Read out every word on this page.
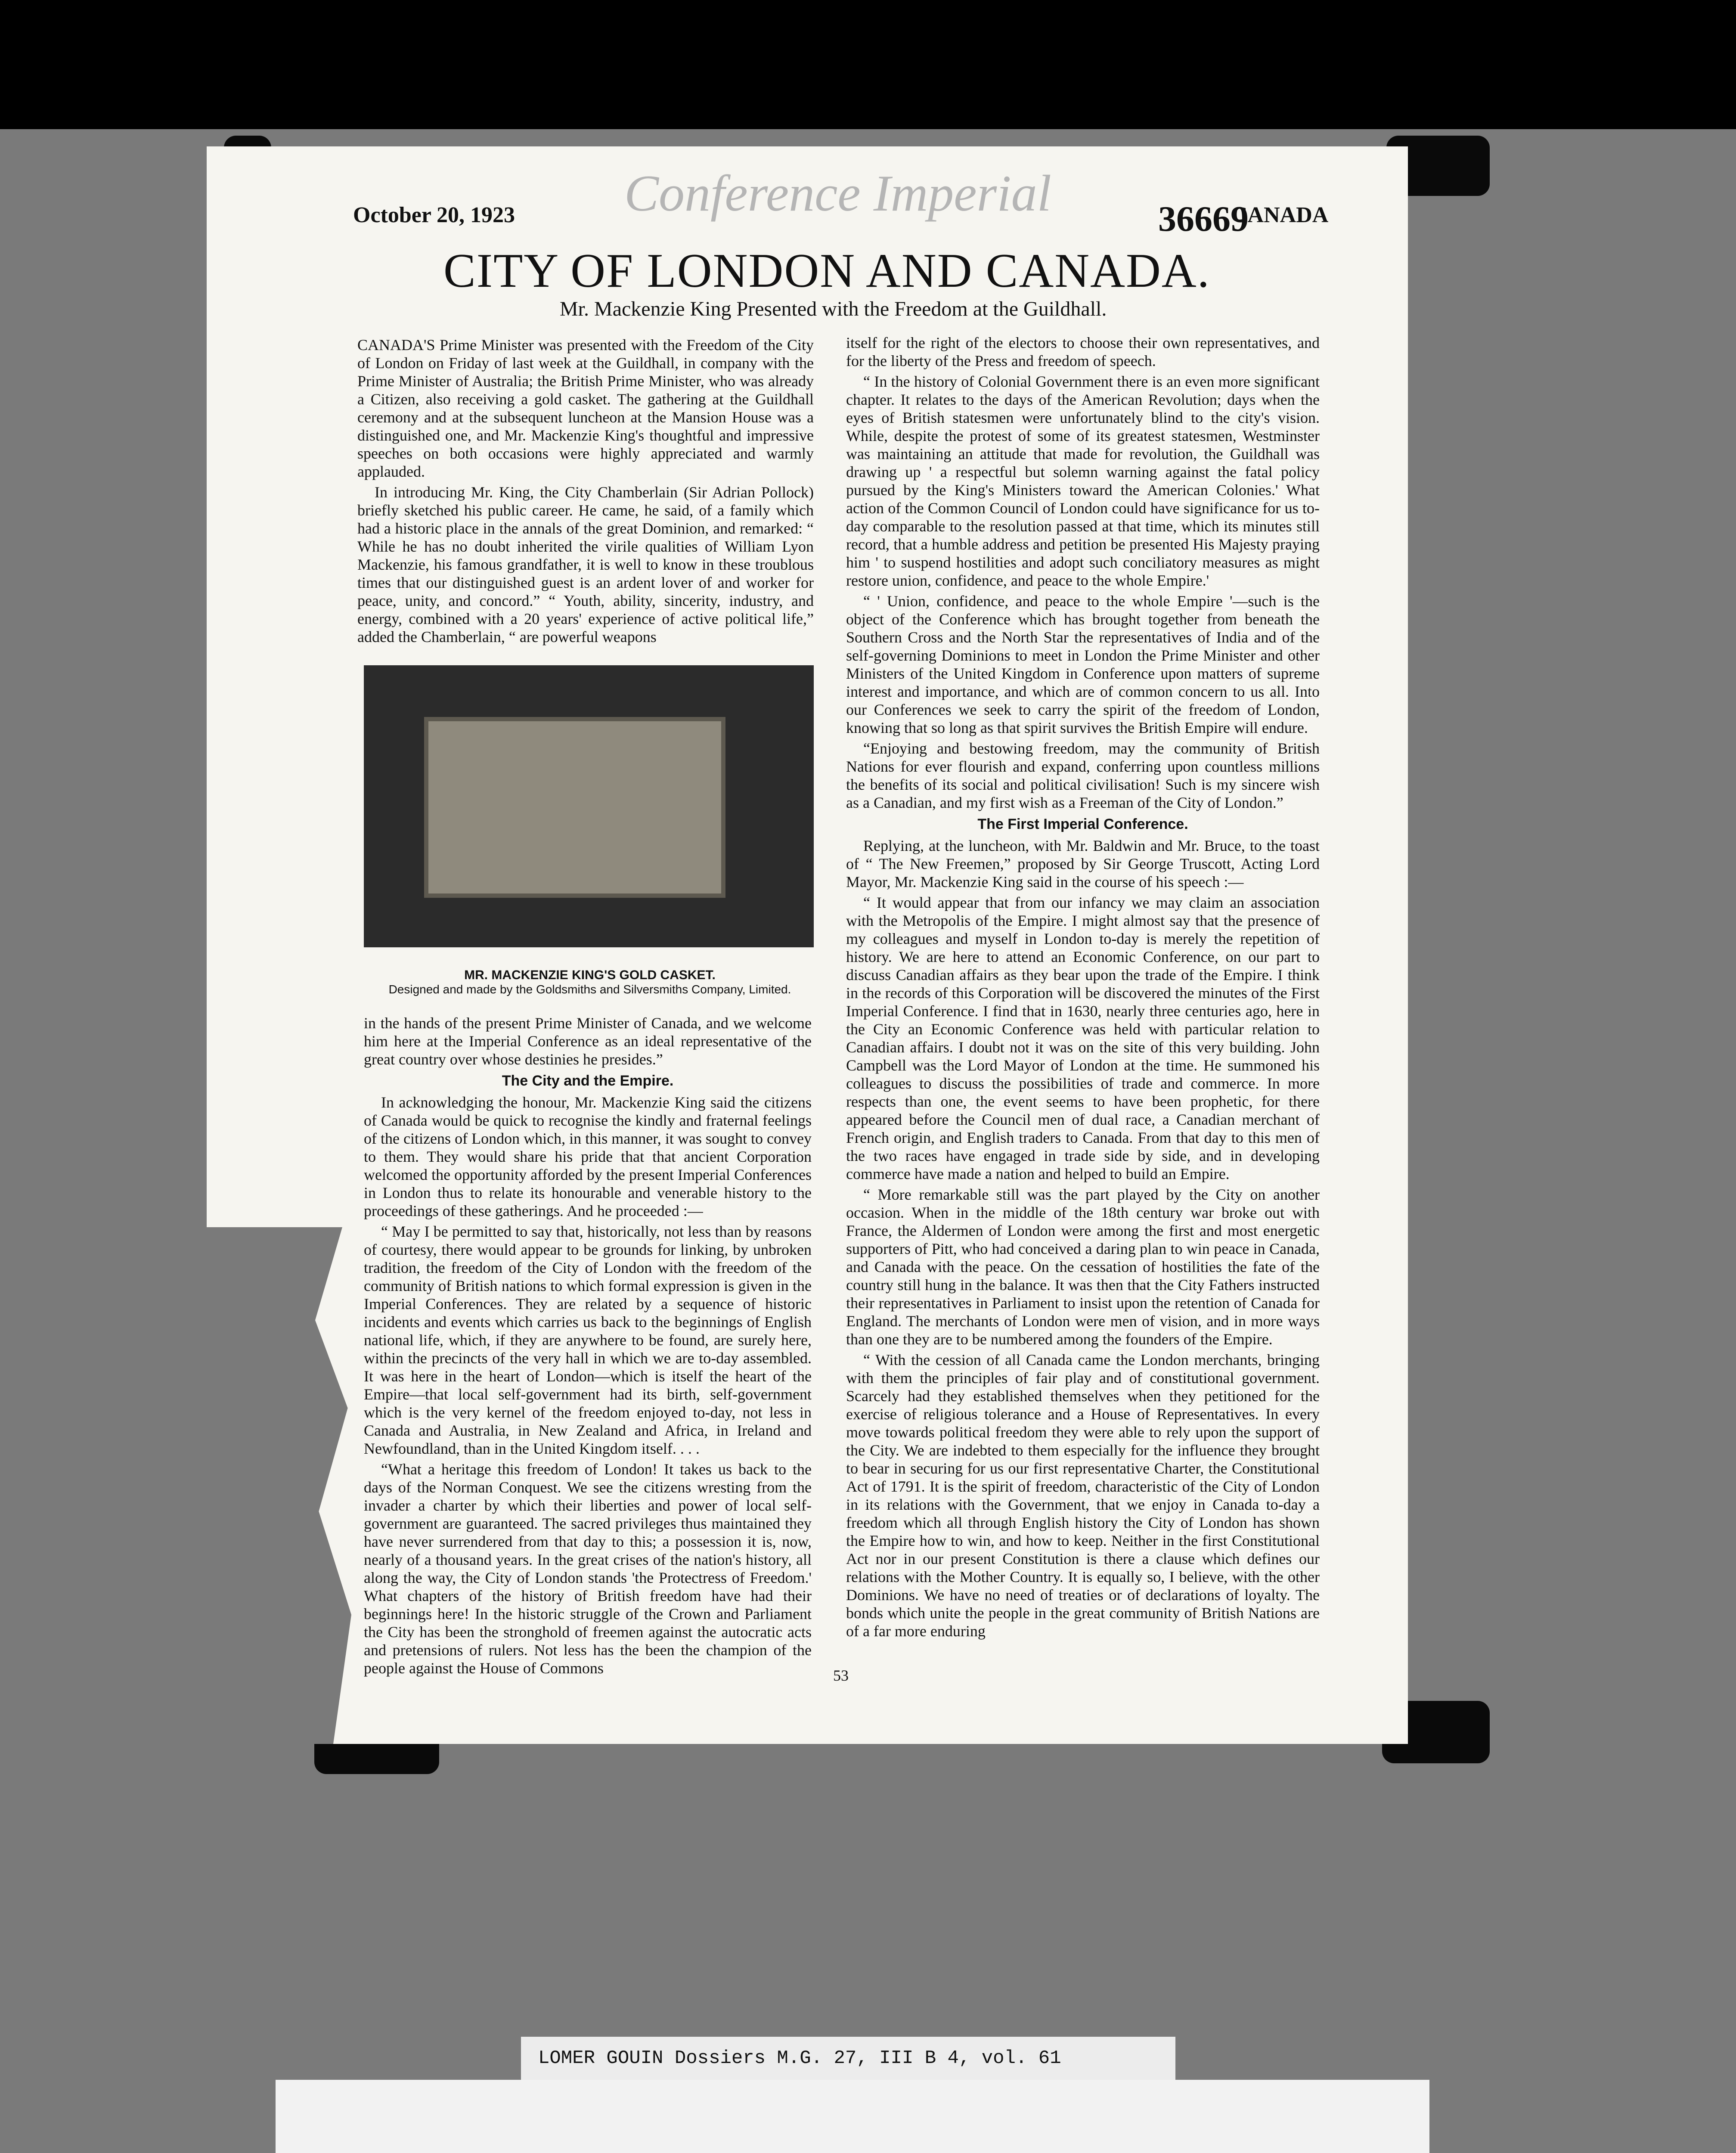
October 20, 1923 Conference Imperial	CANADA
36669
CITY OF LONDON AND CANADA.
Mr. Mackenzie King Presented with the Freedom at the Guildhall.

CANADA'S Prime Minister was presented with the Freedom of the City of London on Friday of last week at the Guildhall, in company with the Prime Minister of Australia; the British Prime Minister, who was already a Citizen, also receiving a gold casket. The gathering at the Guildhall ceremony and at the subsequent luncheon at the Mansion House was a distinguished one, and Mr. Mackenzie King's thoughtful and impressive speeches on both occasions were highly appreciated and warmly applauded.

In introducing Mr. King, the City Chamberlain (Sir Adrian Pollock) briefly sketched his public career. He came, he said, of a family which had a historic place in the annals of the great Dominion, and remarked: “ While he has no doubt inherited the virile qualities of William Lyon Mackenzie, his famous grandfather, it is well to know in these troublous times that our distinguished guest is an ardent lover of and worker for peace, unity, and concord.” “ Youth, ability, sincerity, industry, and energy, combined with a 20 years' experience of active political life,” added the Chamberlain, “ are powerful weapons

MR. MACKENZIE KING'S GOLD CASKET.
Designed and made by the Goldsmiths and Silversmiths Company, Limited.

in the hands of the present Prime Minister of Canada, and we welcome him here at the Imperial Conference as an ideal representative of the great country over whose destinies he presides.”

The City and the Empire.

In acknowledging the honour, Mr. Mackenzie King said the citizens of Canada would be quick to recognise the kindly and fraternal feelings of the citizens of London which, in this manner, it was sought to convey to them. They would share his pride that that ancient Corporation welcomed the opportunity afforded by the present Imperial Conferences in London thus to relate its honourable and venerable history to the proceedings of these gatherings. And he proceeded :—

“ May I be permitted to say that, historically, not less than by reasons of courtesy, there would appear to be grounds for linking, by unbroken tradition, the freedom of the City of London with the freedom of the community of British nations to which formal expression is given in the Imperial Conferences. They are related by a sequence of historic incidents and events which carries us back to the beginnings of English national life, which, if they are anywhere to be found, are surely here, within the precincts of the very hall in which we are to-day assembled. It was here in the heart of London—which is itself the heart of the Empire—that local self-government had its birth, self-government which is the very kernel of the freedom enjoyed to-day, not less in Canada and Australia, in New Zealand and Africa, in Ireland and Newfoundland, than in the United Kingdom itself. . . .

“What a heritage this freedom of London! It takes us back to the days of the Norman Conquest. We see the citizens wresting from the invader a charter by which their liberties and power of local self-government are guaranteed. The sacred privileges thus maintained they have never surrendered from that day to this; a possession it is, now, nearly of a thousand years. In the great crises of the nation's history, all along the way, the City of London stands 'the Protectress of Freedom.' What chapters of the history of British freedom have had their beginnings here! In the historic struggle of the Crown and Parliament the City has been the stronghold of freemen against the autocratic acts and pretensions of rulers. Not less has the been the champion of the people against the House of Commons

itself for the right of the electors to choose their own representatives, and for the liberty of the Press and freedom of speech.

“ In the history of Colonial Government there is an even more significant chapter. It relates to the days of the American Revolution; days when the eyes of British statesmen were unfortunately blind to the city's vision. While, despite the protest of some of its greatest statesmen, Westminster was maintaining an attitude that made for revolution, the Guildhall was drawing up ' a respectful but solemn warning against the fatal policy pursued by the King's Ministers toward the American Colonies.' What action of the Common Council of London could have significance for us to-day comparable to the resolution passed at that time, which its minutes still record, that a humble address and petition be presented His Majesty praying him ' to suspend hostilities and adopt such conciliatory measures as might restore union, confidence, and peace to the whole Empire.'

“ ' Union, confidence, and peace to the whole Empire '—such is the object of the Conference which has brought together from beneath the Southern Cross and the North Star the representatives of India and of the self-governing Dominions to meet in London the Prime Minister and other Ministers of the United Kingdom in Conference upon matters of supreme interest and importance, and which are of common concern to us all. Into our Conferences we seek to carry the spirit of the freedom of London, knowing that so long as that spirit survives the British Empire will endure.

“Enjoying and bestowing freedom, may the community of British Nations for ever flourish and expand, conferring upon countless millions the benefits of its social and political civilisation! Such is my sincere wish as a Canadian, and my first wish as a Freeman of the City of London.”

The First Imperial Conference.

Replying, at the luncheon, with Mr. Baldwin and Mr. Bruce, to the toast of “ The New Freemen,” proposed by Sir George Truscott, Acting Lord Mayor, Mr. Mackenzie King said in the course of his speech :—

“ It would appear that from our infancy we may claim an association with the Metropolis of the Empire. I might almost say that the presence of my colleagues and myself in London to-day is merely the repetition of history. We are here to attend an Economic Conference, on our part to discuss Canadian affairs as they bear upon the trade of the Empire. I think in the records of this Corporation will be discovered the minutes of the First Imperial Conference. I find that in 1630, nearly three centuries ago, here in the City an Economic Conference was held with particular relation to Canadian affairs. I doubt not it was on the site of this very building. John Campbell was the Lord Mayor of London at the time. He summoned his colleagues to discuss the possibilities of trade and commerce. In more respects than one, the event seems to have been prophetic, for there appeared before the Council men of dual race, a Canadian merchant of French origin, and English traders to Canada. From that day to this men of the two races have engaged in trade side by side, and in developing commerce have made a nation and helped to build an Empire.

“ More remarkable still was the part played by the City on another occasion. When in the middle of the 18th century war broke out with France, the Aldermen of London were among the first and most energetic supporters of Pitt, who had conceived a daring plan to win peace in Canada, and Canada with the peace. On the cessation of hostilities the fate of the country still hung in the balance. It was then that the City Fathers instructed their representatives in Parliament to insist upon the retention of Canada for England. The merchants of London were men of vision, and in more ways than one they are to be numbered among the founders of the Empire.

“ With the cession of all Canada came the London merchants, bringing with them the principles of fair play and of constitutional government. Scarcely had they established themselves when they petitioned for the exercise of religious tolerance and a House of Representatives. In every move towards political freedom they were able to rely upon the support of the City. We are indebted to them especially for the influence they brought to bear in securing for us our first representative Charter, the Constitutional Act of 1791. It is the spirit of freedom, characteristic of the City of London in its relations with the Government, that we enjoy in Canada to-day a freedom which all through English history the City of London has shown the Empire how to win, and how to keep. Neither in the first Constitutional Act nor in our present Constitution is there a clause which defines our relations with the Mother Country. It is equally so, I believe, with the other Dominions. We have no need of treaties or of declarations of loyalty. The bonds which unite the people in the great community of British Nations are of a far more enduring

53
LOMER GOUIN Dossiers M.G. 27, III B 4, vol. 61
